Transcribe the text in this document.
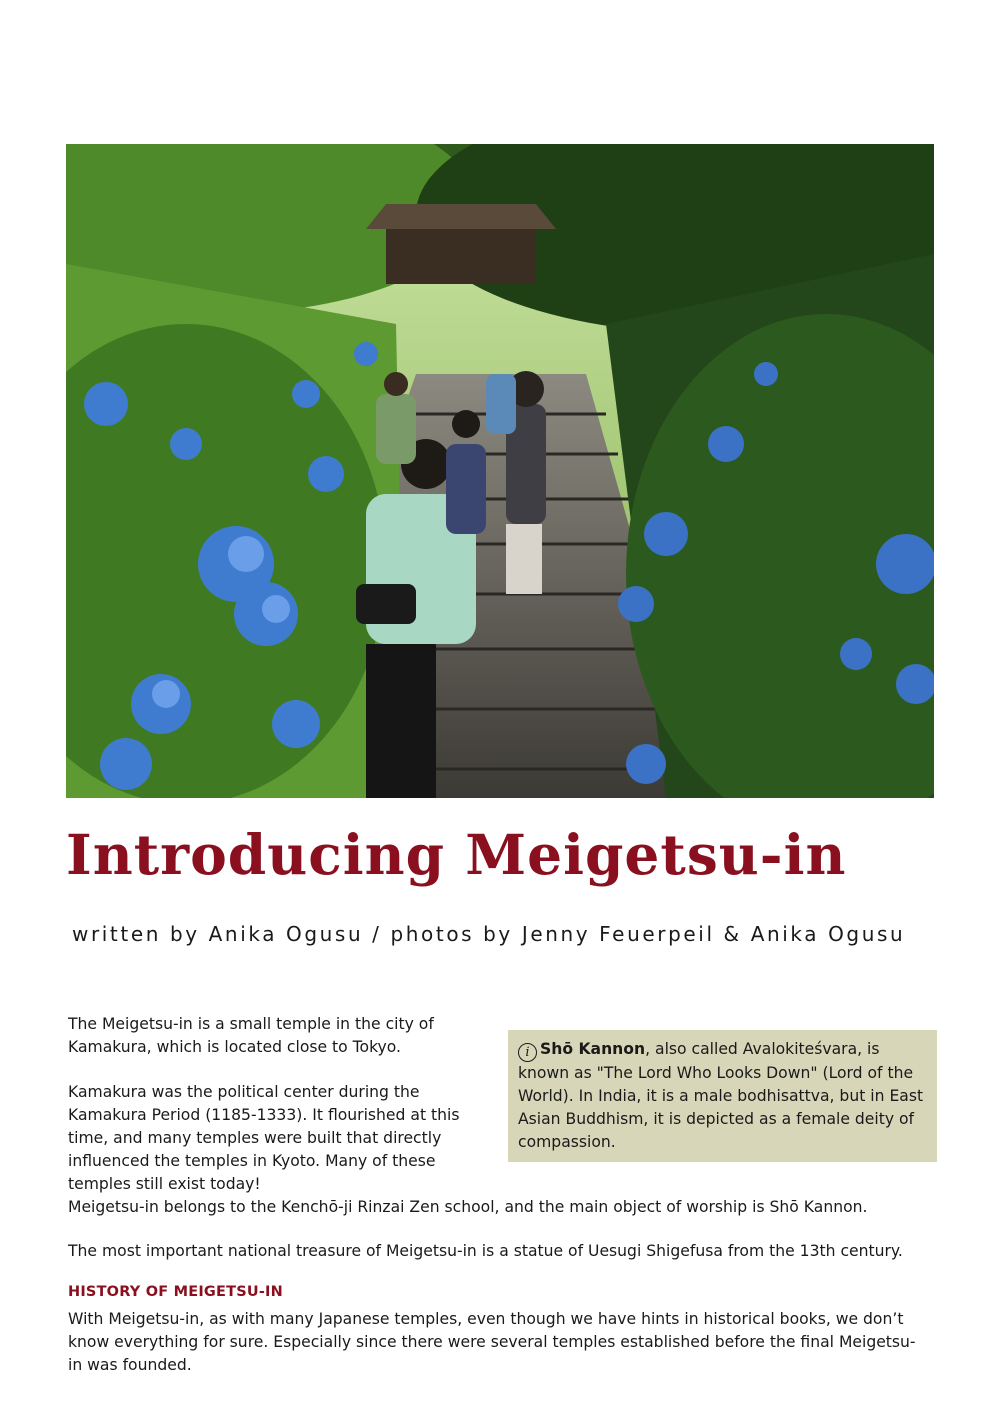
Introducing Meigetsu-in

written by Anika Ogusu / photos by Jenny Feuerpeil & Anika Ogusu

The Meigetsu-in is a small temple in the city of Kamakura, which is located close to Tokyo.

Kamakura was the political center during the Kamakura Period (1185-1333). It flourished at this time, and many temples were built that directly influenced the temples in Kyoto. Many of these temples still exist today!

i Shō Kannon, also called Avalokiteśvara, is known as "The Lord Who Looks Down" (Lord of the World). In India, it is a male bodhisattva, but in East Asian Buddhism, it is depicted as a female deity of compassion.

Meigetsu-in belongs to the Kenchō-ji Rinzai Zen school, and the main object of worship is Shō Kannon.

The most important national treasure of Meigetsu-in is a statue of Uesugi Shigefusa from the 13th century.

HISTORY OF MEIGETSU-IN

With Meigetsu-in, as with many Japanese temples, even though we have hints in historical books, we don’t know everything for sure. Especially since there were several temples established before the final Meigetsu-in was founded.
